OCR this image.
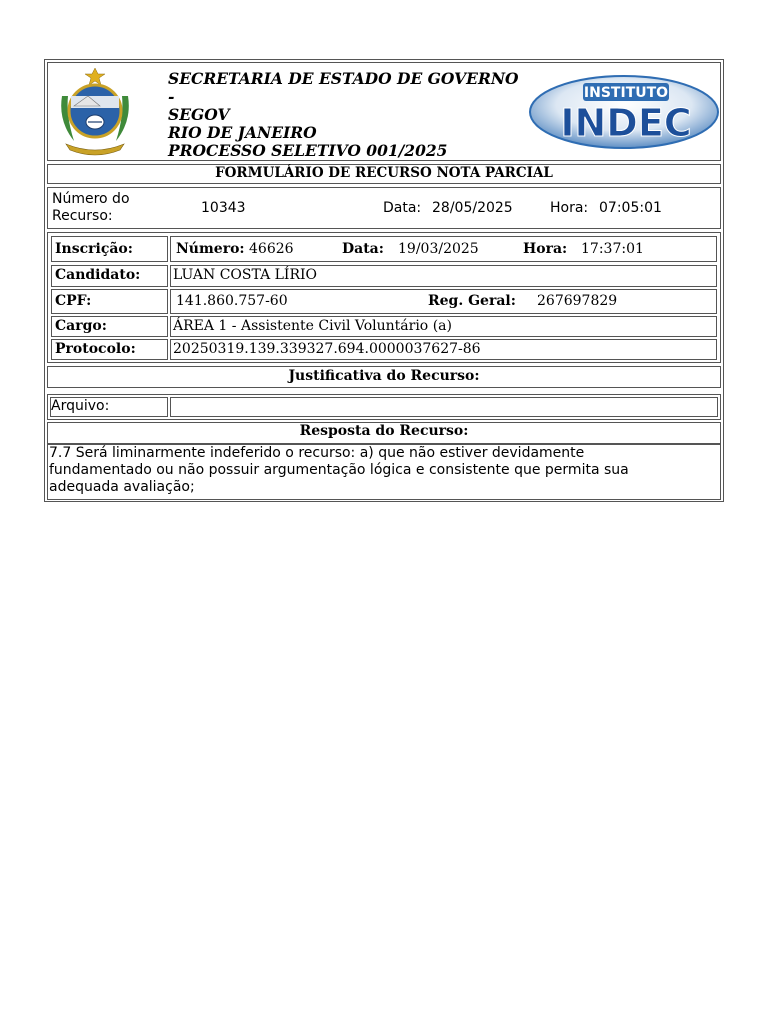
SECRETARIA DE ESTADO DE GOVERNO -
SEGOV
RIO DE JANEIRO
PROCESSO SELETIVO 001/2025
INSTITUTO
INDEC
FORMULÁRIO DE RECURSO NOTA PARCIAL
Número do Recurso:	10343	Data: 28/05/2025	Hora: 07:05:01
Inscrição:	Número: 46626	Data: 19/03/2025	Hora: 17:37:01
Candidato: LUAN COSTA LÍRIO
CPF:	141.860.757-60	Reg. Geral: 267697829
Cargo:	ÁREA 1 - Assistente Civil Voluntário (a)
Protocolo:	20250319.139.339327.694.0000037627-86
Justificativa do Recurso:
Arquivo:
Resposta do Recurso:
7.7 Será liminarmente indeferido o recurso: a) que não estiver devidamente fundamentado ou não possuir argumentação lógica e consistente que permita sua adequada avaliação;
